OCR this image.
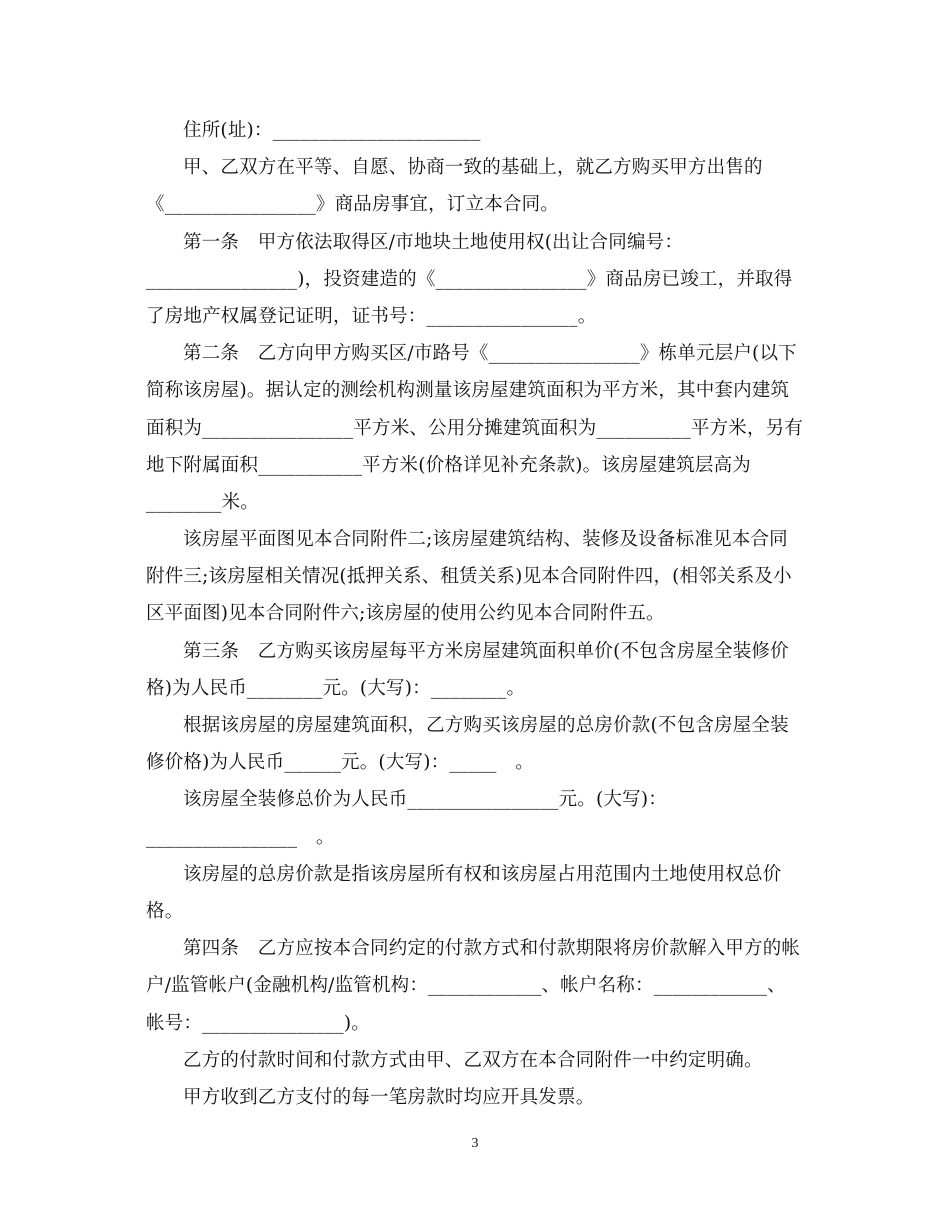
住所(址)：______________________
甲、乙双方在平等、自愿、协商一致的基础上，就乙方购买甲方出售的
《________________》商品房事宜，订立本合同。
第一条　甲方依法取得区/市地块土地使用权(出让合同编号：
________________)，投资建造的《________________》商品房已竣工，并取得
了房地产权属登记证明，证书号：________________。
第二条　乙方向甲方购买区/市路号《________________》栋单元层户(以下
简称该房屋)。据认定的测绘机构测量该房屋建筑面积为平方米，其中套内建筑
面积为________________平方米、公用分摊建筑面积为__________平方米，另有
地下附属面积___________平方米(价格详见补充条款)。该房屋建筑层高为
________米。
该房屋平面图见本合同附件二;该房屋建筑结构、装修及设备标准见本合同
附件三;该房屋相关情况(抵押关系、租赁关系)见本合同附件四，(相邻关系及小
区平面图)见本合同附件六;该房屋的使用公约见本合同附件五。
第三条　乙方购买该房屋每平方米房屋建筑面积单价(不包含房屋全装修价
格)为人民币________元。(大写)：________。
根据该房屋的房屋建筑面积，乙方购买该房屋的总房价款(不包含房屋全装
修价格)为人民币______元。(大写)：_____　。
该房屋全装修总价为人民币________________元。(大写)：
________________　。
该房屋的总房价款是指该房屋所有权和该房屋占用范围内土地使用权总价
格。
第四条　乙方应按本合同约定的付款方式和付款期限将房价款解入甲方的帐
户/监管帐户(金融机构/监管机构：____________、帐户名称：____________、
帐号：_______________)。
乙方的付款时间和付款方式由甲、乙双方在本合同附件一中约定明确。
甲方收到乙方支付的每一笔房款时均应开具发票。
3
